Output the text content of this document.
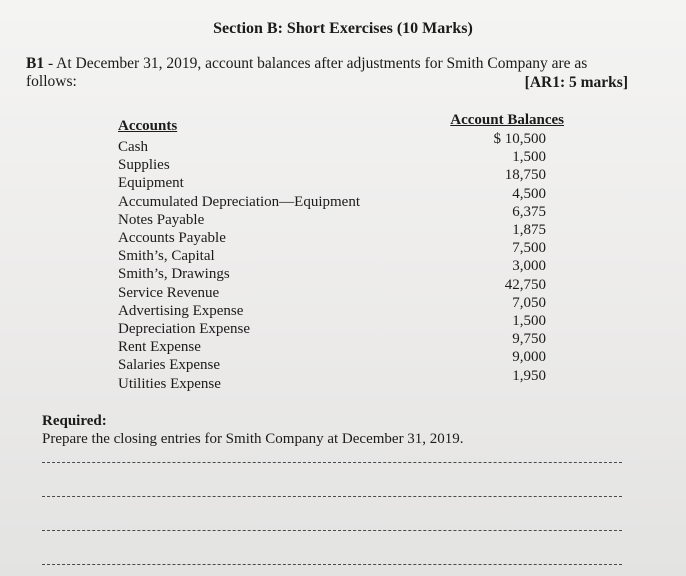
Section B: Short Exercises (10 Marks)
B1 - At December 31, 2019, account balances after adjustments for Smith Company are as follows:	[AR1: 5 marks]
Accounts	Account Balances
Cash
Supplies
Equipment
Accumulated Depreciation—Equipment
Notes Payable
Accounts Payable
Smith’s, Capital
Smith’s, Drawings
Service Revenue
Advertising Expense
Depreciation Expense
Rent Expense
Salaries Expense
Utilities Expense
$ 10,500
1,500
18,750
4,500
6,375
1,875
7,500
3,000
42,750
7,050
1,500
9,750
9,000
1,950
Required:
Prepare the closing entries for Smith Company at December 31, 2019.
